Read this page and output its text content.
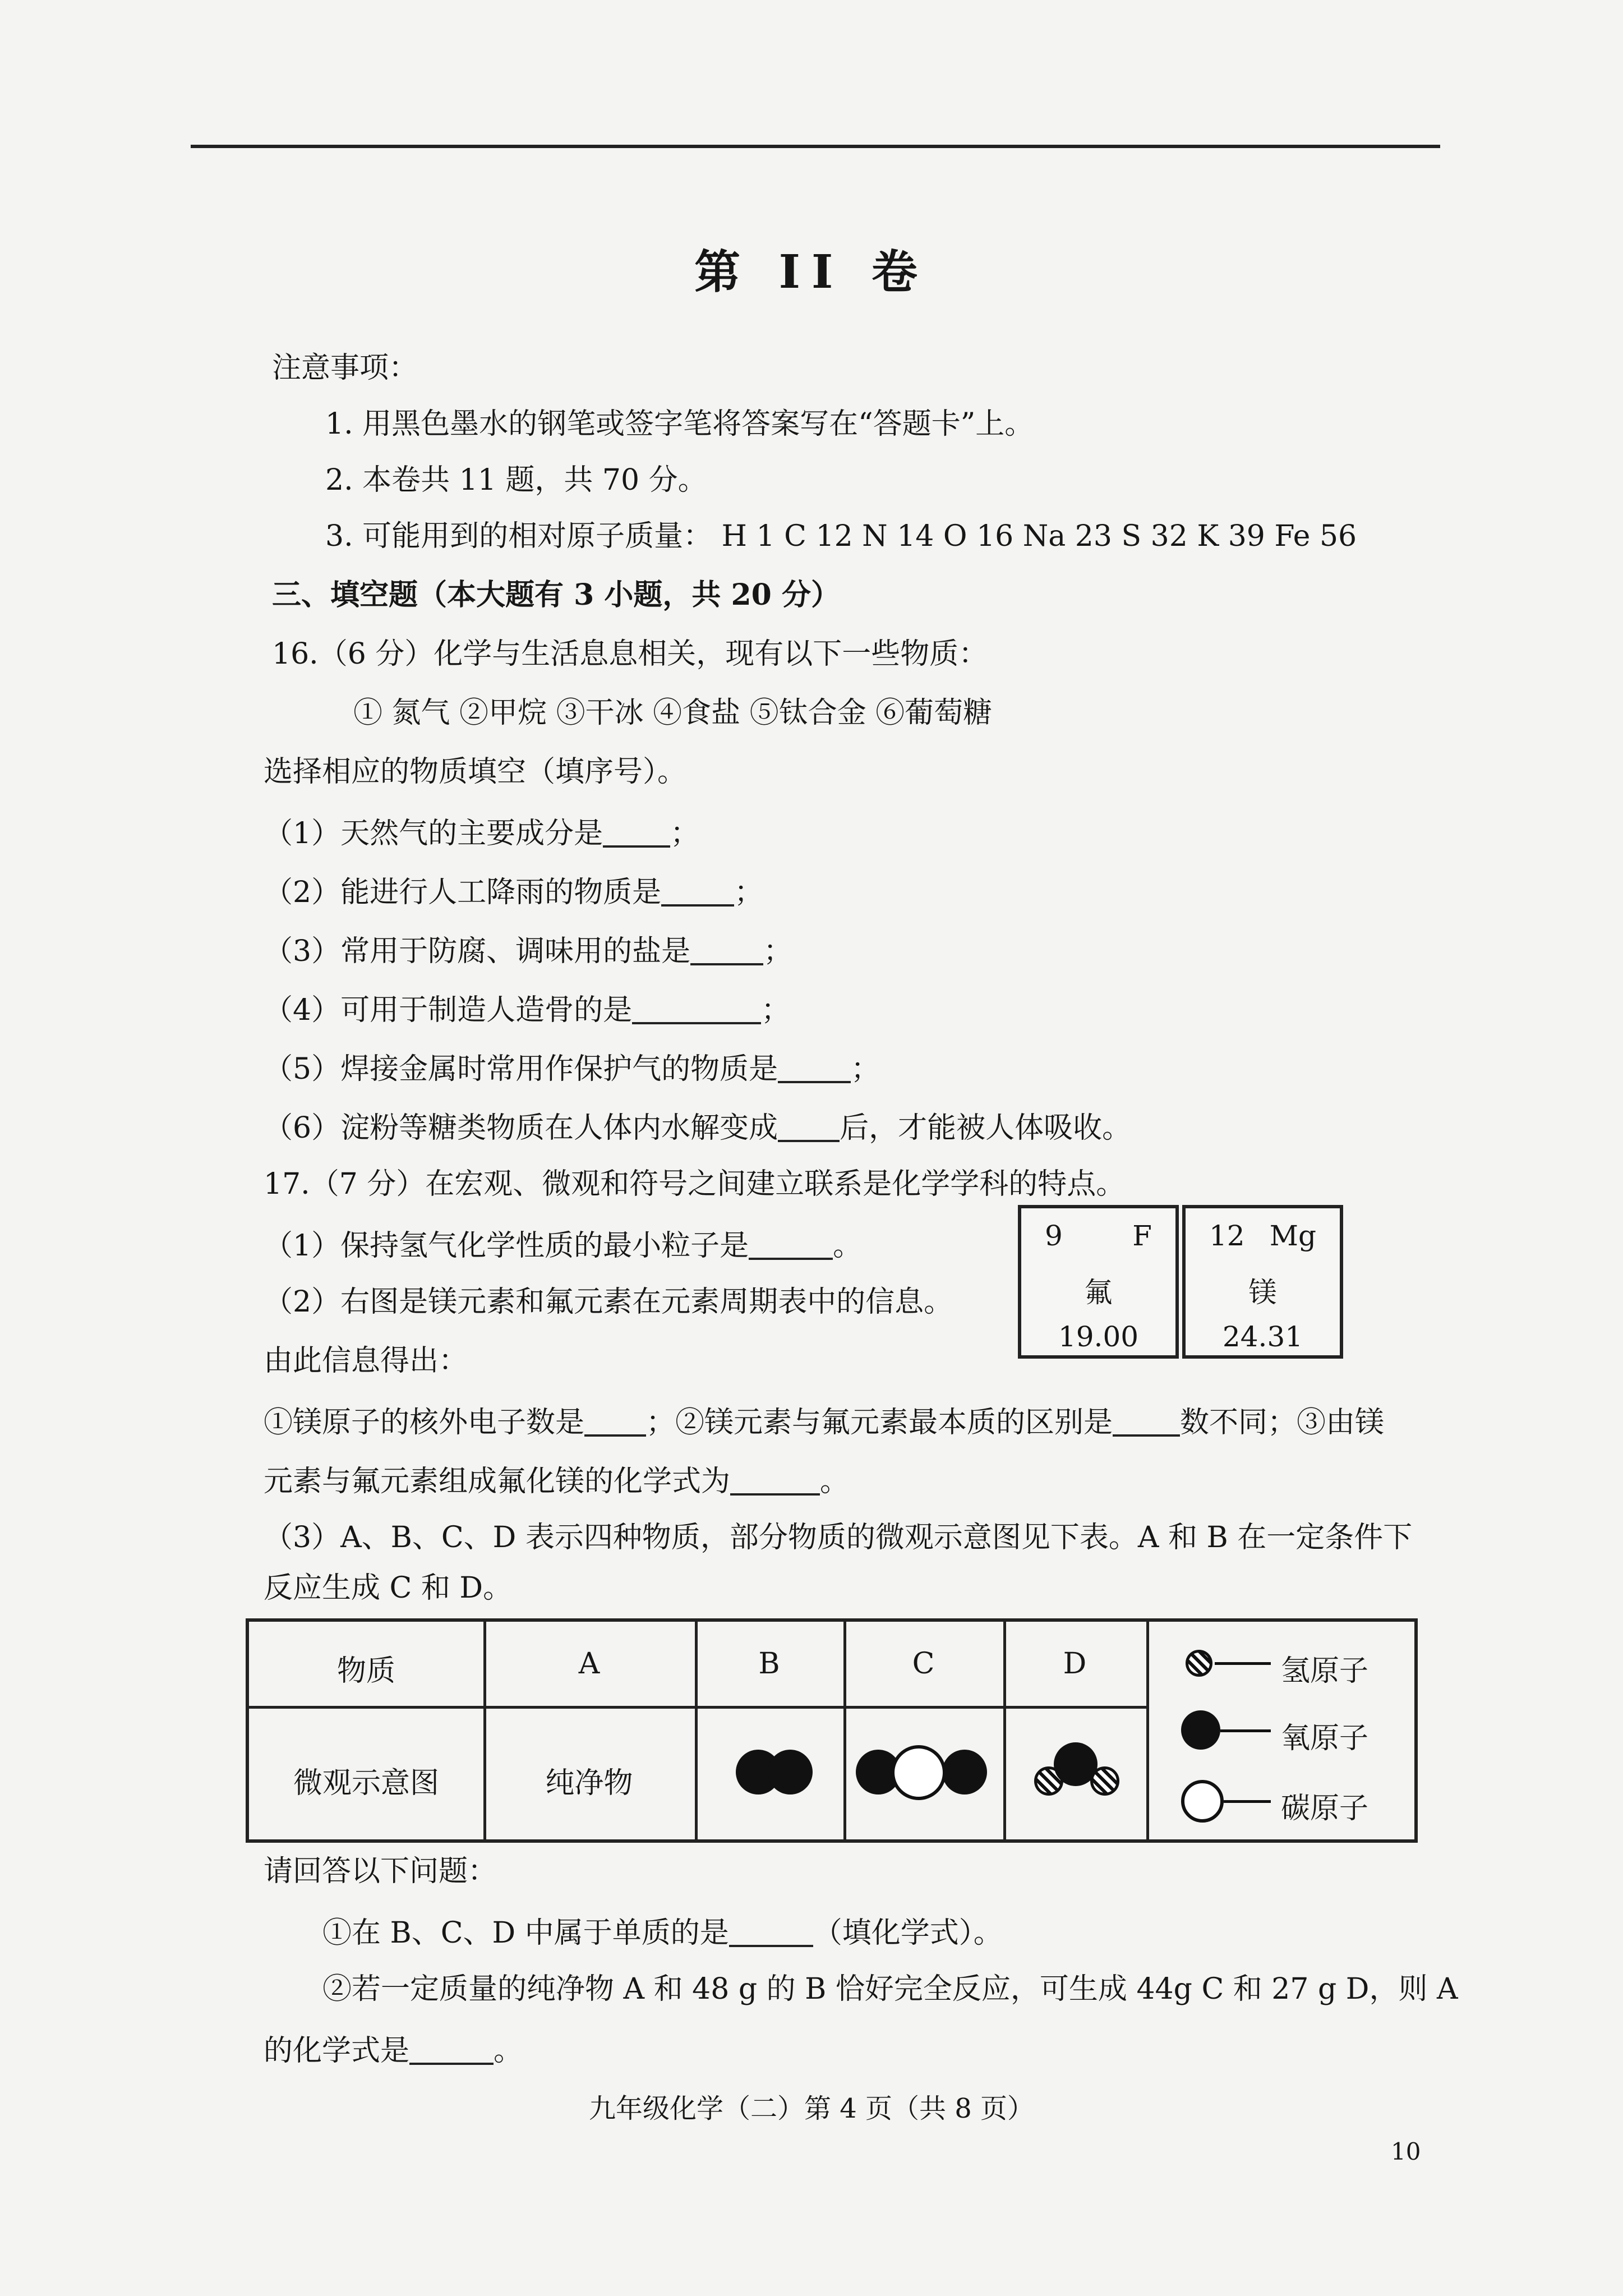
第 II 卷
注意事项：
1. 用黑色墨水的钢笔或签字笔将答案写在“答题卡”上。
2. 本卷共 11 题，共 70 分。
3. 可能用到的相对原子质量： H 1 C 12 N 14 O 16 Na 23 S 32 K 39 Fe 56
三、填空题（本大题有 3 小题，共 20 分）
16.（6 分）化学与生活息息相关，现有以下一些物质：
① 氮气 ②甲烷 ③干冰 ④食盐 ⑤钛合金 ⑥葡萄糖
选择相应的物质填空（填序号）。
（1）天然气的主要成分是 ；
（2）能进行人工降雨的物质是	；
（3）常用于防腐、调味用的盐是	；
（4）可用于制造人造骨的是	；
（5）焊接金属时常用作保护气的物质是	；
（6）淀粉等糖类物质在人体内水解变成 后，才能被人体吸收。
17.（7 分）在宏观、微观和符号之间建立联系是化学学科的特点。
（1）保持氢气化学性质的最小粒子是	。
（2）右图是镁元素和氟元素在元素周期表中的信息。
9 F
氟
19.00
12 Mg
镁
24.31
由此信息得出：
①镁原子的核外电子数是 ；②镁元素与氟元素最本质的区别是 数不同；③由镁
元素与氟元素组成氟化镁的化学式为	。
（3）A、B、C、D 表示四种物质，部分物质的微观示意图见下表。A 和 B 在一定条件下
反应生成 C 和 D。
物质	A	B	C	D
微观示意图	纯净物
氢原子
氧原子
碳原子
请回答以下问题：
①在 B、C、D 中属于单质的是	（填化学式）。
②若一定质量的纯净物 A 和 48 g 的 B 恰好完全反应，可生成 44g C 和 27 g D，则 A
的化学式是	。
九年级化学（二）第 4 页（共 8 页）
10
